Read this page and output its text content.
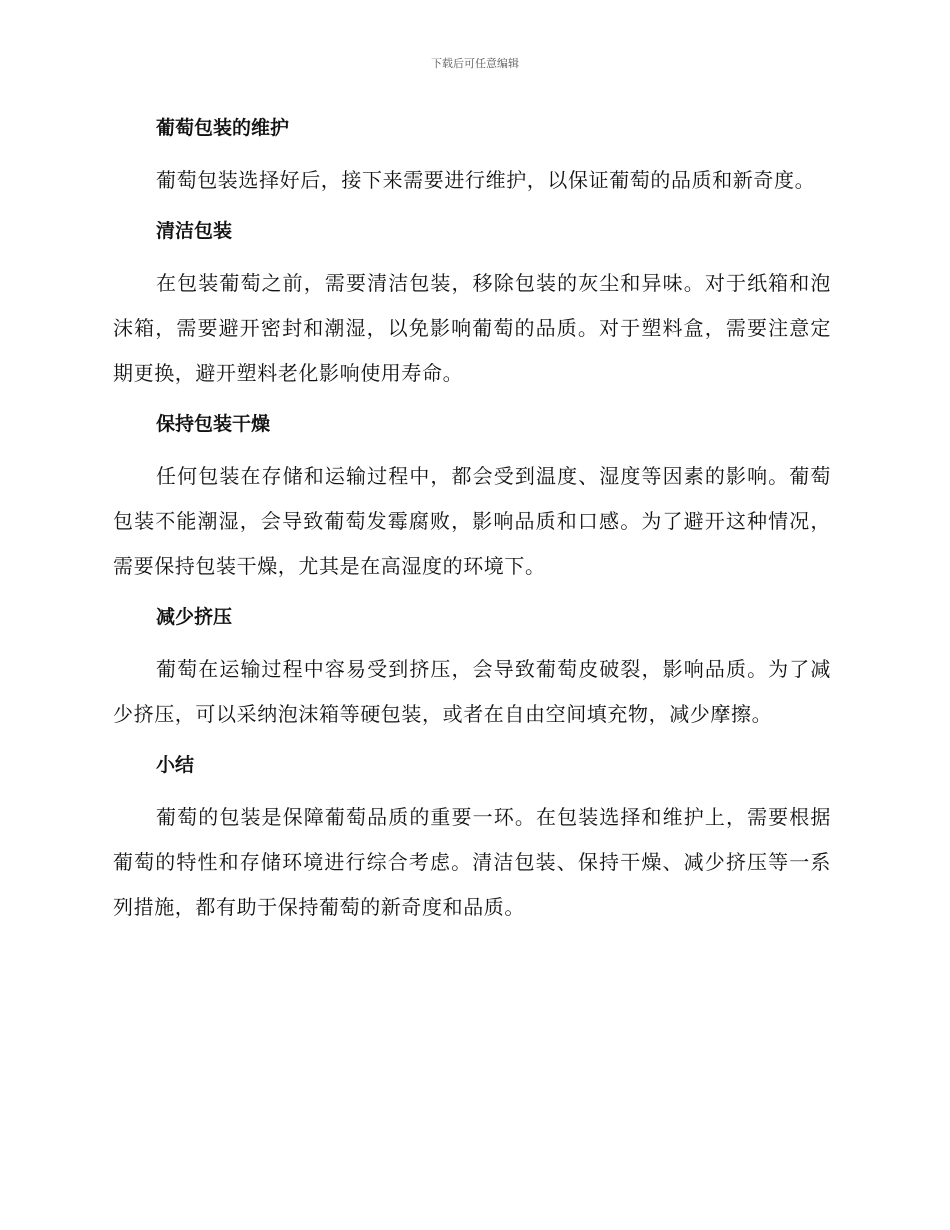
下载后可任意编辑
葡萄包装的维护

葡萄包装选择好后，接下来需要进行维护，以保证葡萄的品质和新奇度。

清洁包装

在包装葡萄之前，需要清洁包装，移除包装的灰尘和异味。对于纸箱和泡沫箱，需要避开密封和潮湿，以免影响葡萄的品质。对于塑料盒，需要注意定期更换，避开塑料老化影响使用寿命。

保持包装干燥

任何包装在存储和运输过程中，都会受到温度、湿度等因素的影响。葡萄包装不能潮湿，会导致葡萄发霉腐败，影响品质和口感。为了避开这种情况，需要保持包装干燥，尤其是在高湿度的环境下。

减少挤压

葡萄在运输过程中容易受到挤压，会导致葡萄皮破裂，影响品质。为了减少挤压，可以采纳泡沫箱等硬包装，或者在自由空间填充物，减少摩擦。

小结

葡萄的包装是保障葡萄品质的重要一环。在包装选择和维护上，需要根据葡萄的特性和存储环境进行综合考虑。清洁包装、保持干燥、减少挤压等一系列措施，都有助于保持葡萄的新奇度和品质。
